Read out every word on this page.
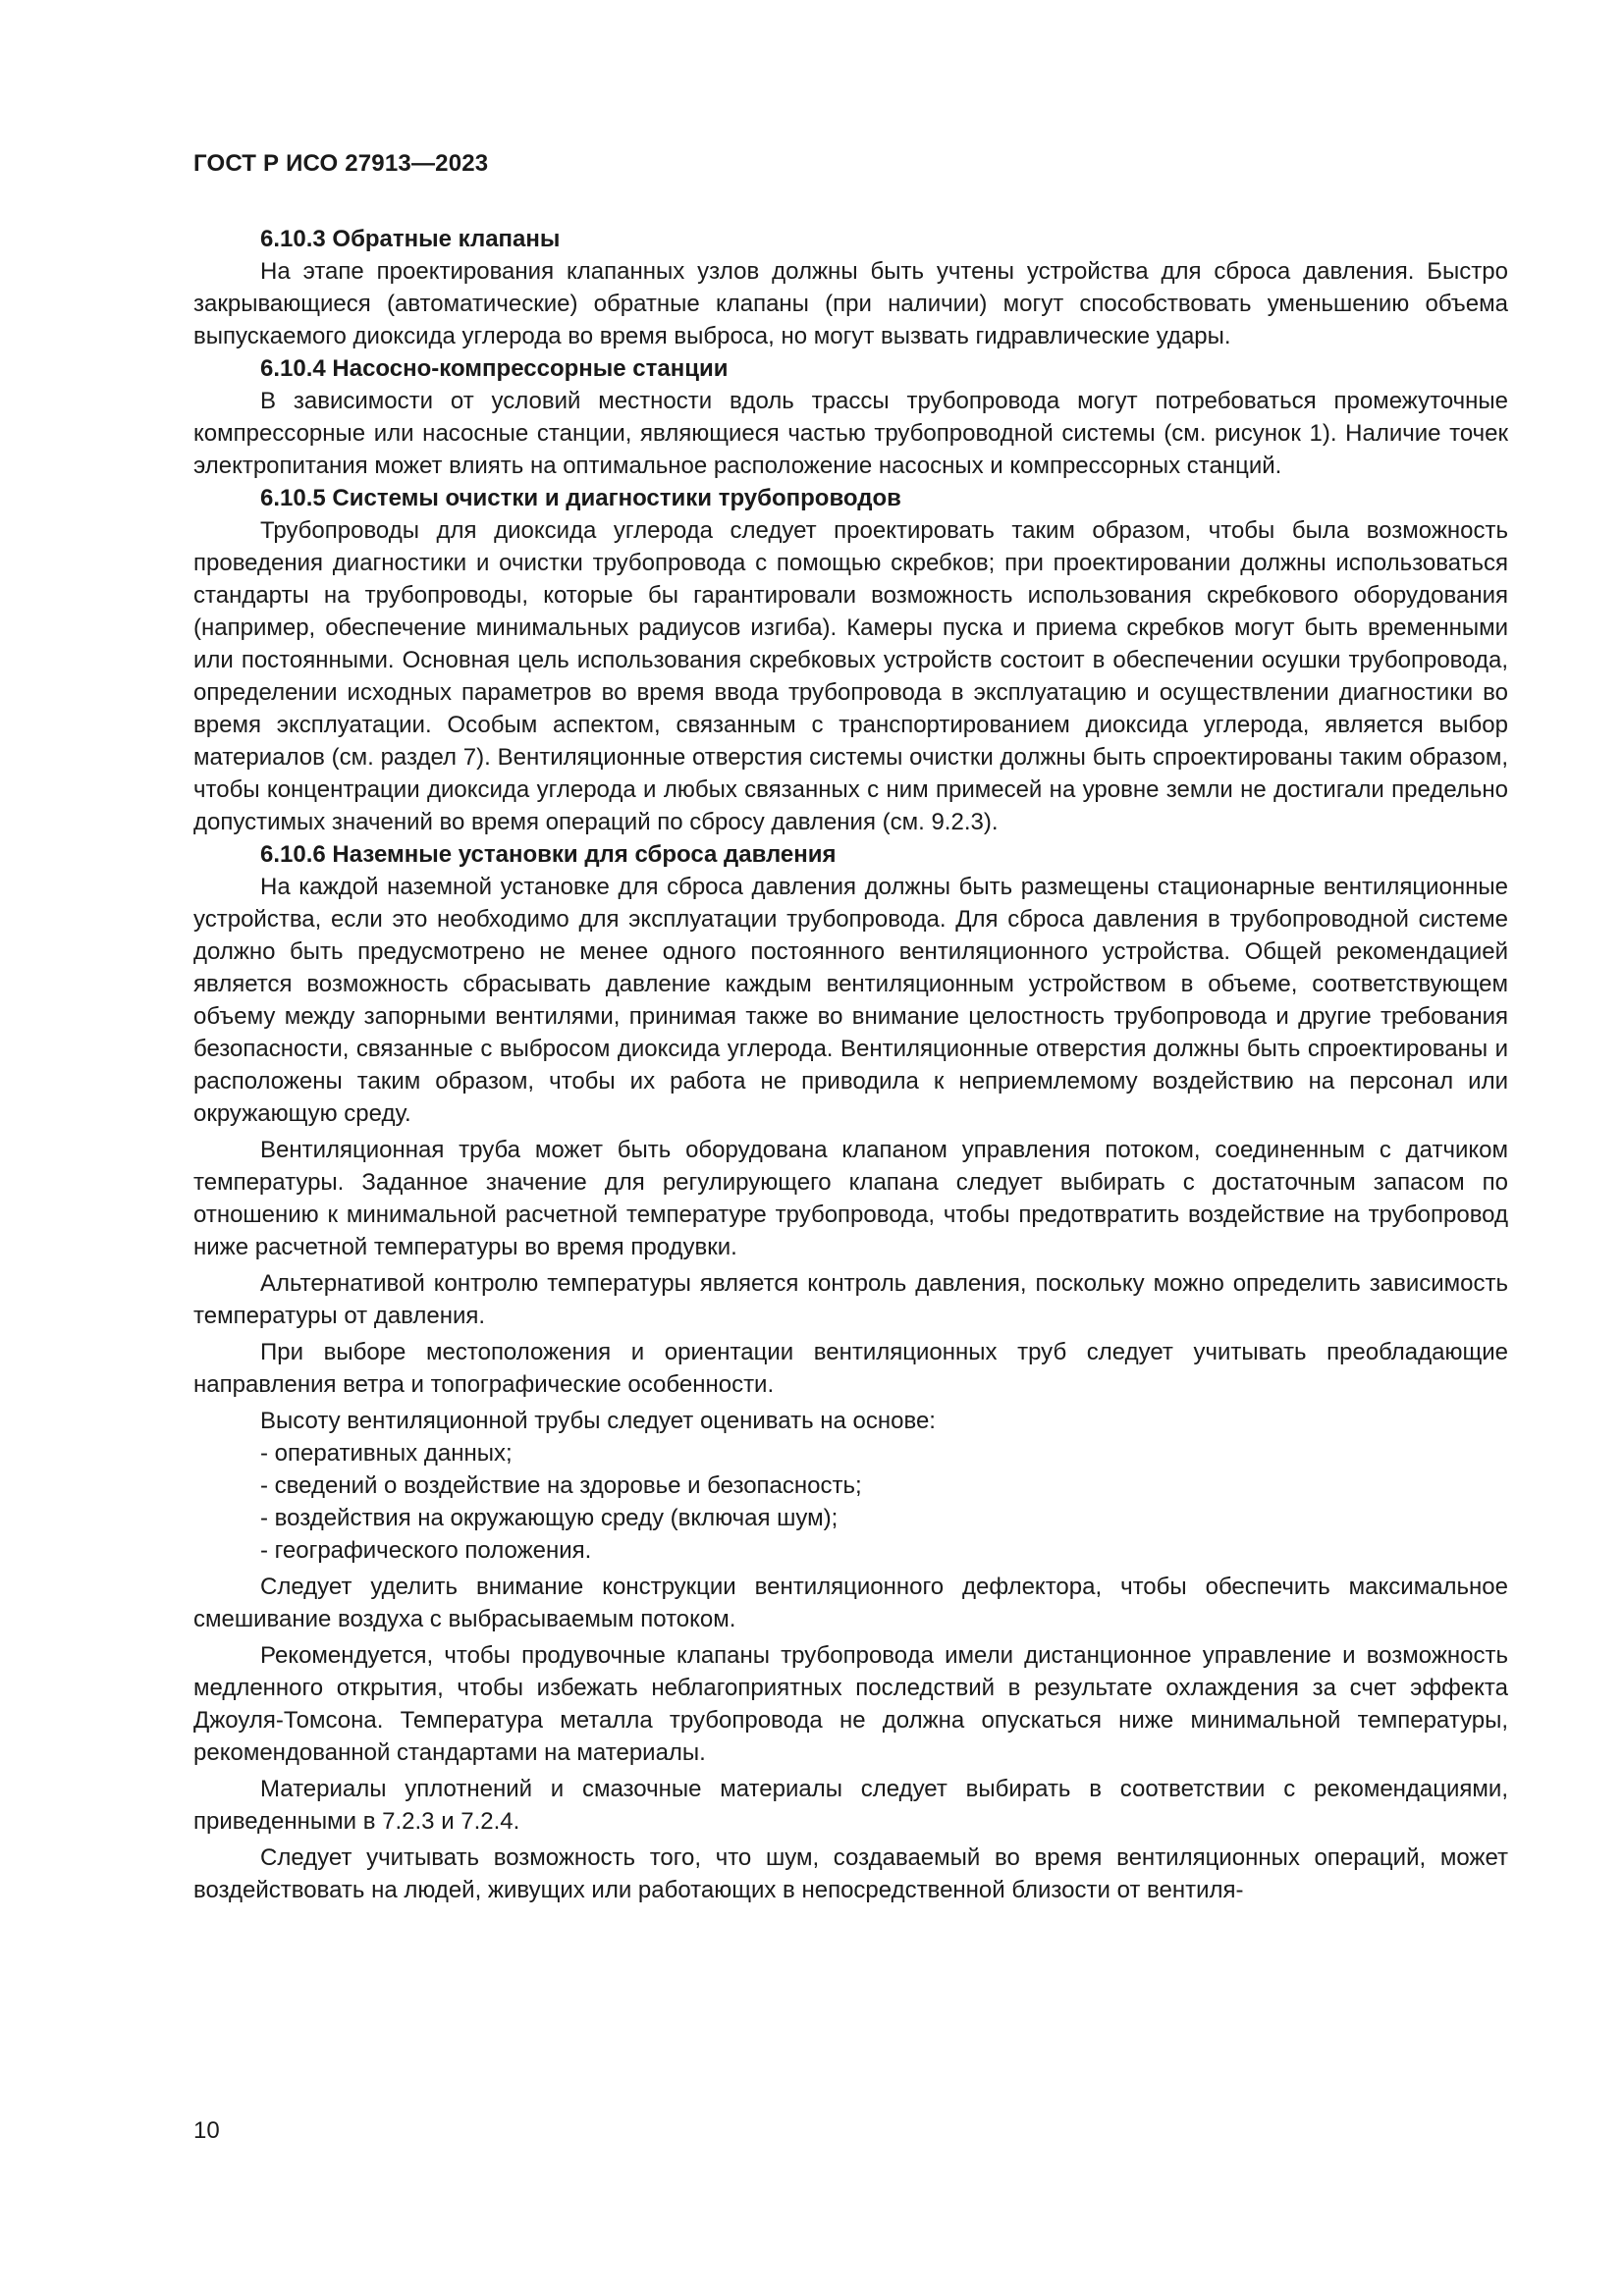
ГОСТ Р ИСО 27913—2023

6.10.3 Обратные клапаны

На этапе проектирования клапанных узлов должны быть учтены устройства для сброса давления. Быстро закрывающиеся (автоматические) обратные клапаны (при наличии) могут способствовать уменьшению объема выпускаемого диоксида углерода во время выброса, но могут вызвать гидравлические удары.

6.10.4 Насосно-компрессорные станции

В зависимости от условий местности вдоль трассы трубопровода могут потребоваться промежуточные компрессорные или насосные станции, являющиеся частью трубопроводной системы (см. рисунок 1). Наличие точек электропитания может влиять на оптимальное расположение насосных и компрессорных станций.

6.10.5 Системы очистки и диагностики трубопроводов

Трубопроводы для диоксида углерода следует проектировать таким образом, чтобы была возможность проведения диагностики и очистки трубопровода с помощью скребков; при проектировании должны использоваться стандарты на трубопроводы, которые бы гарантировали возможность использования скребкового оборудования (например, обеспечение минимальных радиусов изгиба). Камеры пуска и приема скребков могут быть временными или постоянными. Основная цель использования скребковых устройств состоит в обеспечении осушки трубопровода, определении исходных параметров во время ввода трубопровода в эксплуатацию и осуществлении диагностики во время эксплуатации. Особым аспектом, связанным с транспортированием диоксида углерода, является выбор материалов (см. раздел 7). Вентиляционные отверстия системы очистки должны быть спроектированы таким образом, чтобы концентрации диоксида углерода и любых связанных с ним примесей на уровне земли не достигали предельно допустимых значений во время операций по сбросу давления (см. 9.2.3).

6.10.6 Наземные установки для сброса давления

На каждой наземной установке для сброса давления должны быть размещены стационарные вентиляционные устройства, если это необходимо для эксплуатации трубопровода. Для сброса давления в трубопроводной системе должно быть предусмотрено не менее одного постоянного вентиляционного устройства. Общей рекомендацией является возможность сбрасывать давление каждым вентиляционным устройством в объеме, соответствующем объему между запорными вентилями, принимая также во внимание целостность трубопровода и другие требования безопасности, связанные с выбросом диоксида углерода. Вентиляционные отверстия должны быть спроектированы и расположены таким образом, чтобы их работа не приводила к неприемлемому воздействию на персонал или окружающую среду.

Вентиляционная труба может быть оборудована клапаном управления потоком, соединенным с датчиком температуры. Заданное значение для регулирующего клапана следует выбирать с достаточным запасом по отношению к минимальной расчетной температуре трубопровода, чтобы предотвратить воздействие на трубопровод ниже расчетной температуры во время продувки.

Альтернативой контролю температуры является контроль давления, поскольку можно определить зависимость температуры от давления.

При выборе местоположения и ориентации вентиляционных труб следует учитывать преобладающие направления ветра и топографические особенности.

Высоту вентиляционной трубы следует оценивать на основе:

- оперативных данных;

- сведений о воздействие на здоровье и безопасность;

- воздействия на окружающую среду (включая шум);

- географического положения.

Следует уделить внимание конструкции вентиляционного дефлектора, чтобы обеспечить максимальное смешивание воздуха с выбрасываемым потоком.

Рекомендуется, чтобы продувочные клапаны трубопровода имели дистанционное управление и возможность медленного открытия, чтобы избежать неблагоприятных последствий в результате охлаждения за счет эффекта Джоуля-Томсона. Температура металла трубопровода не должна опускаться ниже минимальной температуры, рекомендованной стандартами на материалы.

Материалы уплотнений и смазочные материалы следует выбирать в соответствии с рекомендациями, приведенными в 7.2.3 и 7.2.4.

Следует учитывать возможность того, что шум, создаваемый во время вентиляционных операций, может воздействовать на людей, живущих или работающих в непосредственной близости от вентиля-

10
